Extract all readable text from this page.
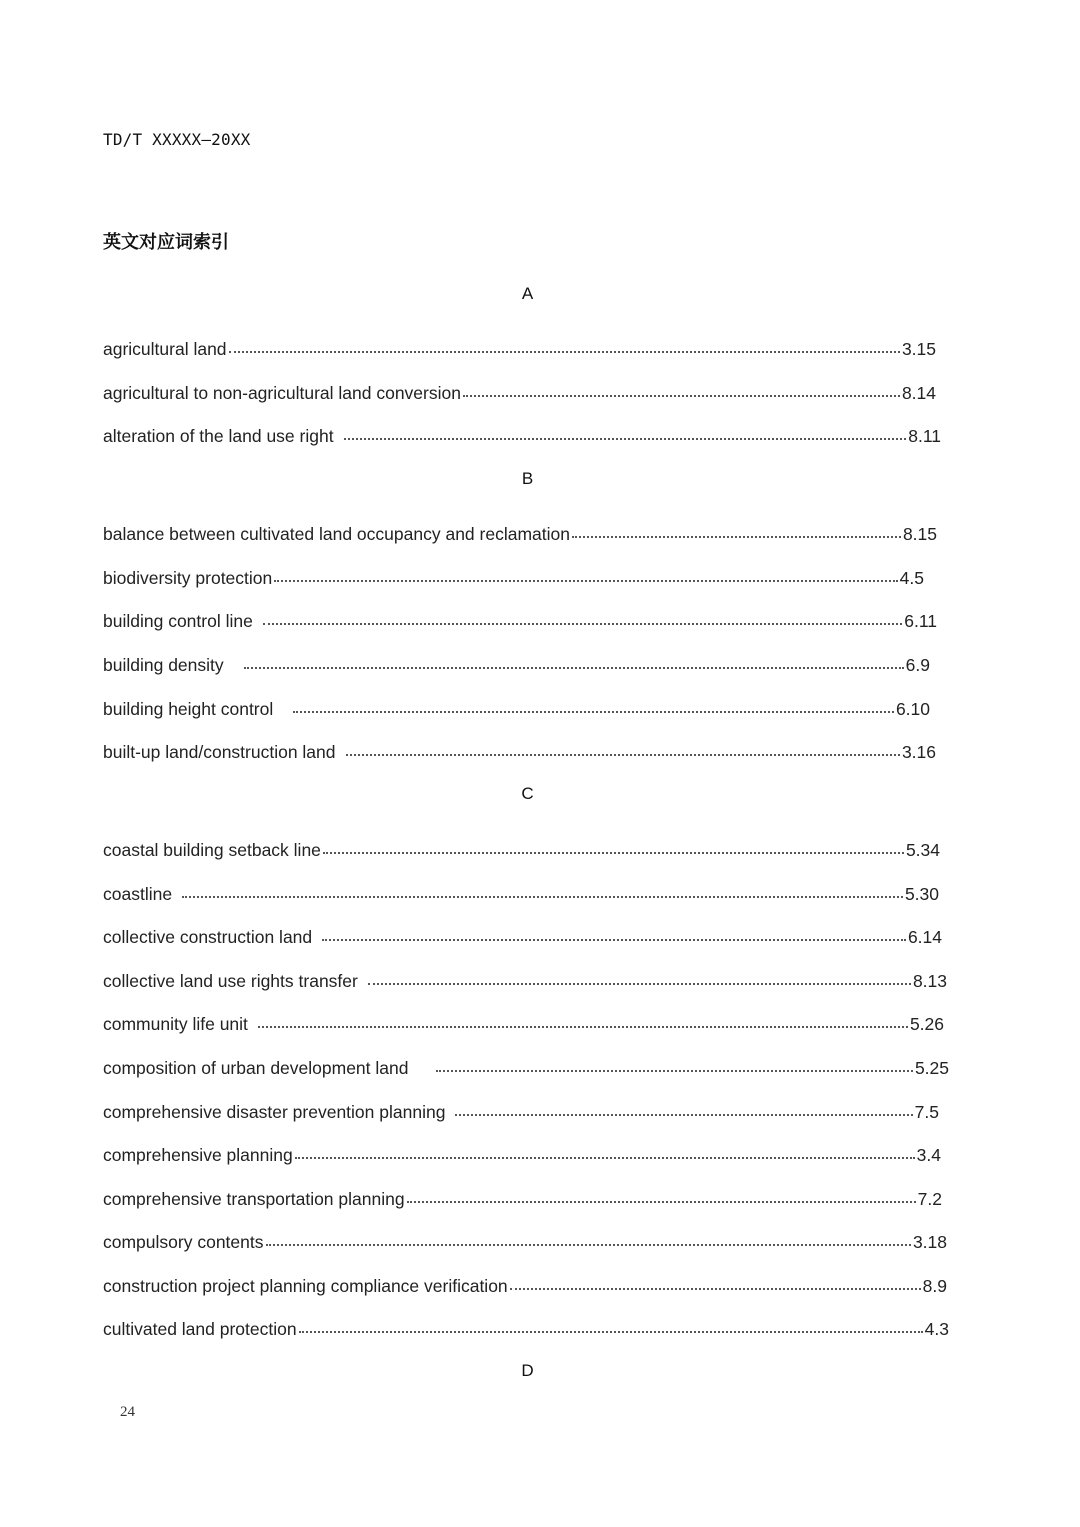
TD/T XXXXX—20XX
英文对应词索引
A
agricultural land	3.15
agricultural to non-agricultural land conversion	8.14
alteration of the land use right	8.11
B
balance between cultivated land occupancy and reclamation	8.15
biodiversity protection	4.5
building control line	6.11
building density	6.9
building height control	6.10
built-up land/construction land	3.16
C
coastal building setback line	5.34
coastline	5.30
collective construction land	6.14
collective land use rights transfer	8.13
community life unit	5.26
composition of urban development land	5.25
comprehensive disaster prevention planning	7.5
comprehensive planning	3.4
comprehensive transportation planning	7.2
compulsory contents	3.18
construction project planning compliance verification	8.9
cultivated land protection	4.3
D
24
